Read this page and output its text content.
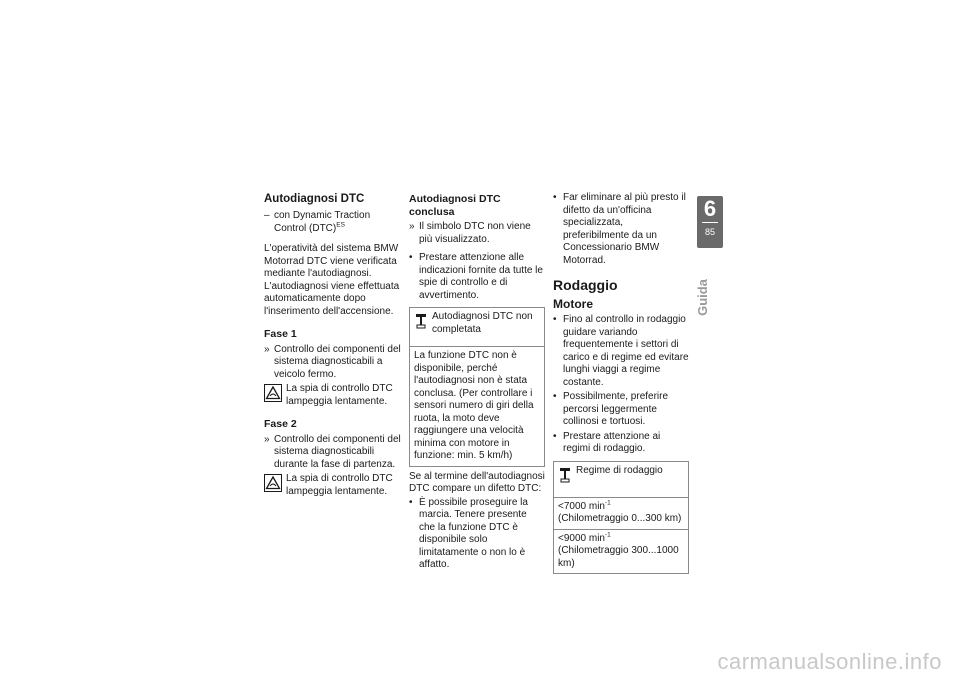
Autodiagnosi DTC
– con Dynamic Traction Control (DTC)$^{ES}$

L'operatività del sistema BMW Motorrad DTC viene verificata mediante l'autodiagnosi. L'autodiagnosi viene effettuata automaticamente dopo l'inserimento dell'accensione.

Fase 1
» Controllo dei componenti del sistema diagnosticabili a veicolo fermo.
La spia di controllo DTC lampeggia lentamente.
Fase 2
» Controllo dei componenti del sistema diagnosticabili durante la fase di partenza.
La spia di controllo DTC lampeggia lentamente.
Autodiagnosi DTC conclusa
» Il simbolo DTC non viene più visualizzato.
• Prestare attenzione alle indicazioni fornite da tutte le spie di controllo e di avvertimento.
Autodiagnosi DTC non completata
La funzione DTC non è disponibile, perché l'autodiagnosi non è stata conclusa. (Per controllare i sensori numero di giri della ruota, la moto deve raggiungere una velocità minima con motore in funzione: min. 5 km/h)

Se al termine dell'autodiagnosi DTC compare un difetto DTC:

• È possibile proseguire la marcia. Tenere presente che la funzione DTC è disponibile solo limitatamente o non lo è affatto.
• Far eliminare al più presto il difetto da un'officina specializzata, preferibilmente da un Concessionario BMW Motorrad.
Rodaggio
Motore
• Fino al controllo in rodaggio guidare variando frequentemente i settori di carico e di regime ed evitare lunghi viaggi a regime costante.
• Possibilmente, preferire percorsi leggermente collinosi e tortuosi.
• Prestare attenzione ai regimi di rodaggio.
Regime di rodaggio
<7000 $\min^{-1}$ (Chilometraggio 0...300 km)
<9000 $\min^{-1}$ (Chilometraggio 300...1000 km)
6
85
Guida
carmanualsonline.info
